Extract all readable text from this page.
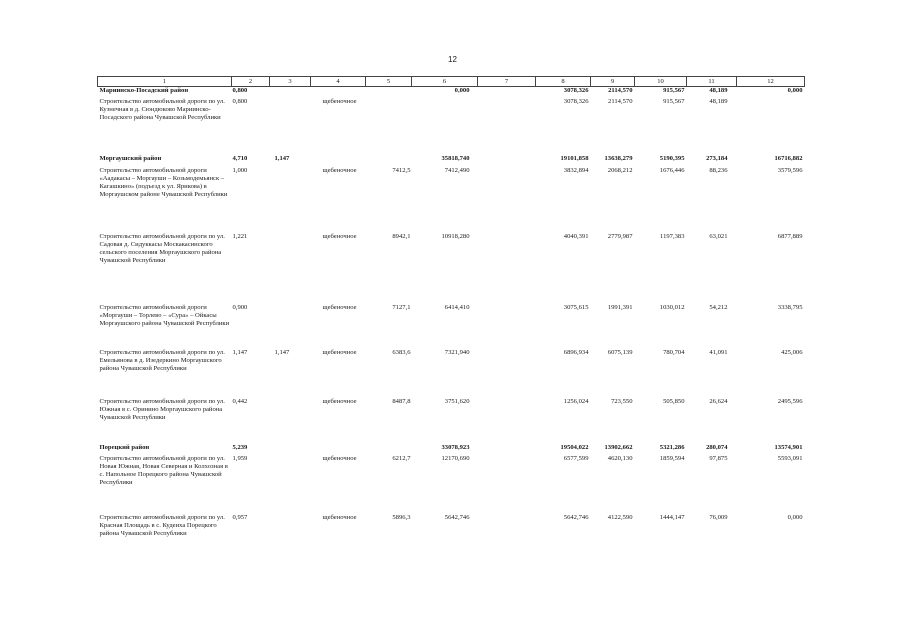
12
1	2	3	4	5	6	7	8	9	10	11	12
Мариинско-Посадский район	0,800				0,000		3078,326	2114,570	915,567	48,189	0,000
Строительство автомобильной дороги по ул. Кузнечная в д. Сюндюково Мариинско-Посадского района Чувашской Республики	0,800		щебеночное				3078,326	2114,570	915,567	48,189	
Моргаушский район	4,710	1,147			35818,740		19101,858	13638,279	5190,395	273,184	16716,882
Строительство автомобильной дороги «Аадакасы – Моргауши – Козьмодемьянск – Кагашкино» (подъезд к ул. Ярикова) в Моргаушском районе Чувашской Республики	1,000		щебеночное	7412,5	7412,490		3832,894	2068,212	1676,446	88,236	3579,596
Строительство автомобильной дороги по ул. Садовая д. Сидуккасы Москакасинского сельского поселения Моргаушского района Чувашской Республики	1,221		щебеночное	8942,1	10918,280		4040,391	2779,987	1197,383	63,021	6877,889
Строительство автомобильной дороги «Моргауши – Торлево – «Сура» – Ойкасы Моргаушского района Чувашской Республики	0,900		щебеночное	7127,1	6414,410		3075,615	1991,391	1030,012	54,212	3338,795
Строительство автомобильной дороги по ул. Емельянова в д. Изедеркино Моргаушского района Чувашской Республики	1,147	1,147	щебеночное	6383,6	7321,940		6896,934	6075,139	780,704	41,091	425,006
Строительство автомобильной дороги по ул. Южная в с. Оринино Моргаушского района Чувашской Республики	0,442		щебеночное	8487,8	3751,620		1256,024	723,550	505,850	26,624	2495,596
Порецкий район	5,239				33078,923		19504,022	13902,662	5321,286	280,074	13574,901
Строительство автомобильной дороги по ул. Новая Южная, Новая Северная и Колхозная в с. Напольное Порецкого района Чувашской Республики	1,959		щебеночное	6212,7	12170,690		6577,599	4620,130	1859,594	97,875	5593,091
Строительство автомобильной дороги по ул. Красная Площадь в с. Кудеиха Порецкого района Чувашской Республики	0,957		щебеночное	5896,3	5642,746		5642,746	4122,590	1444,147	76,009	0,000
